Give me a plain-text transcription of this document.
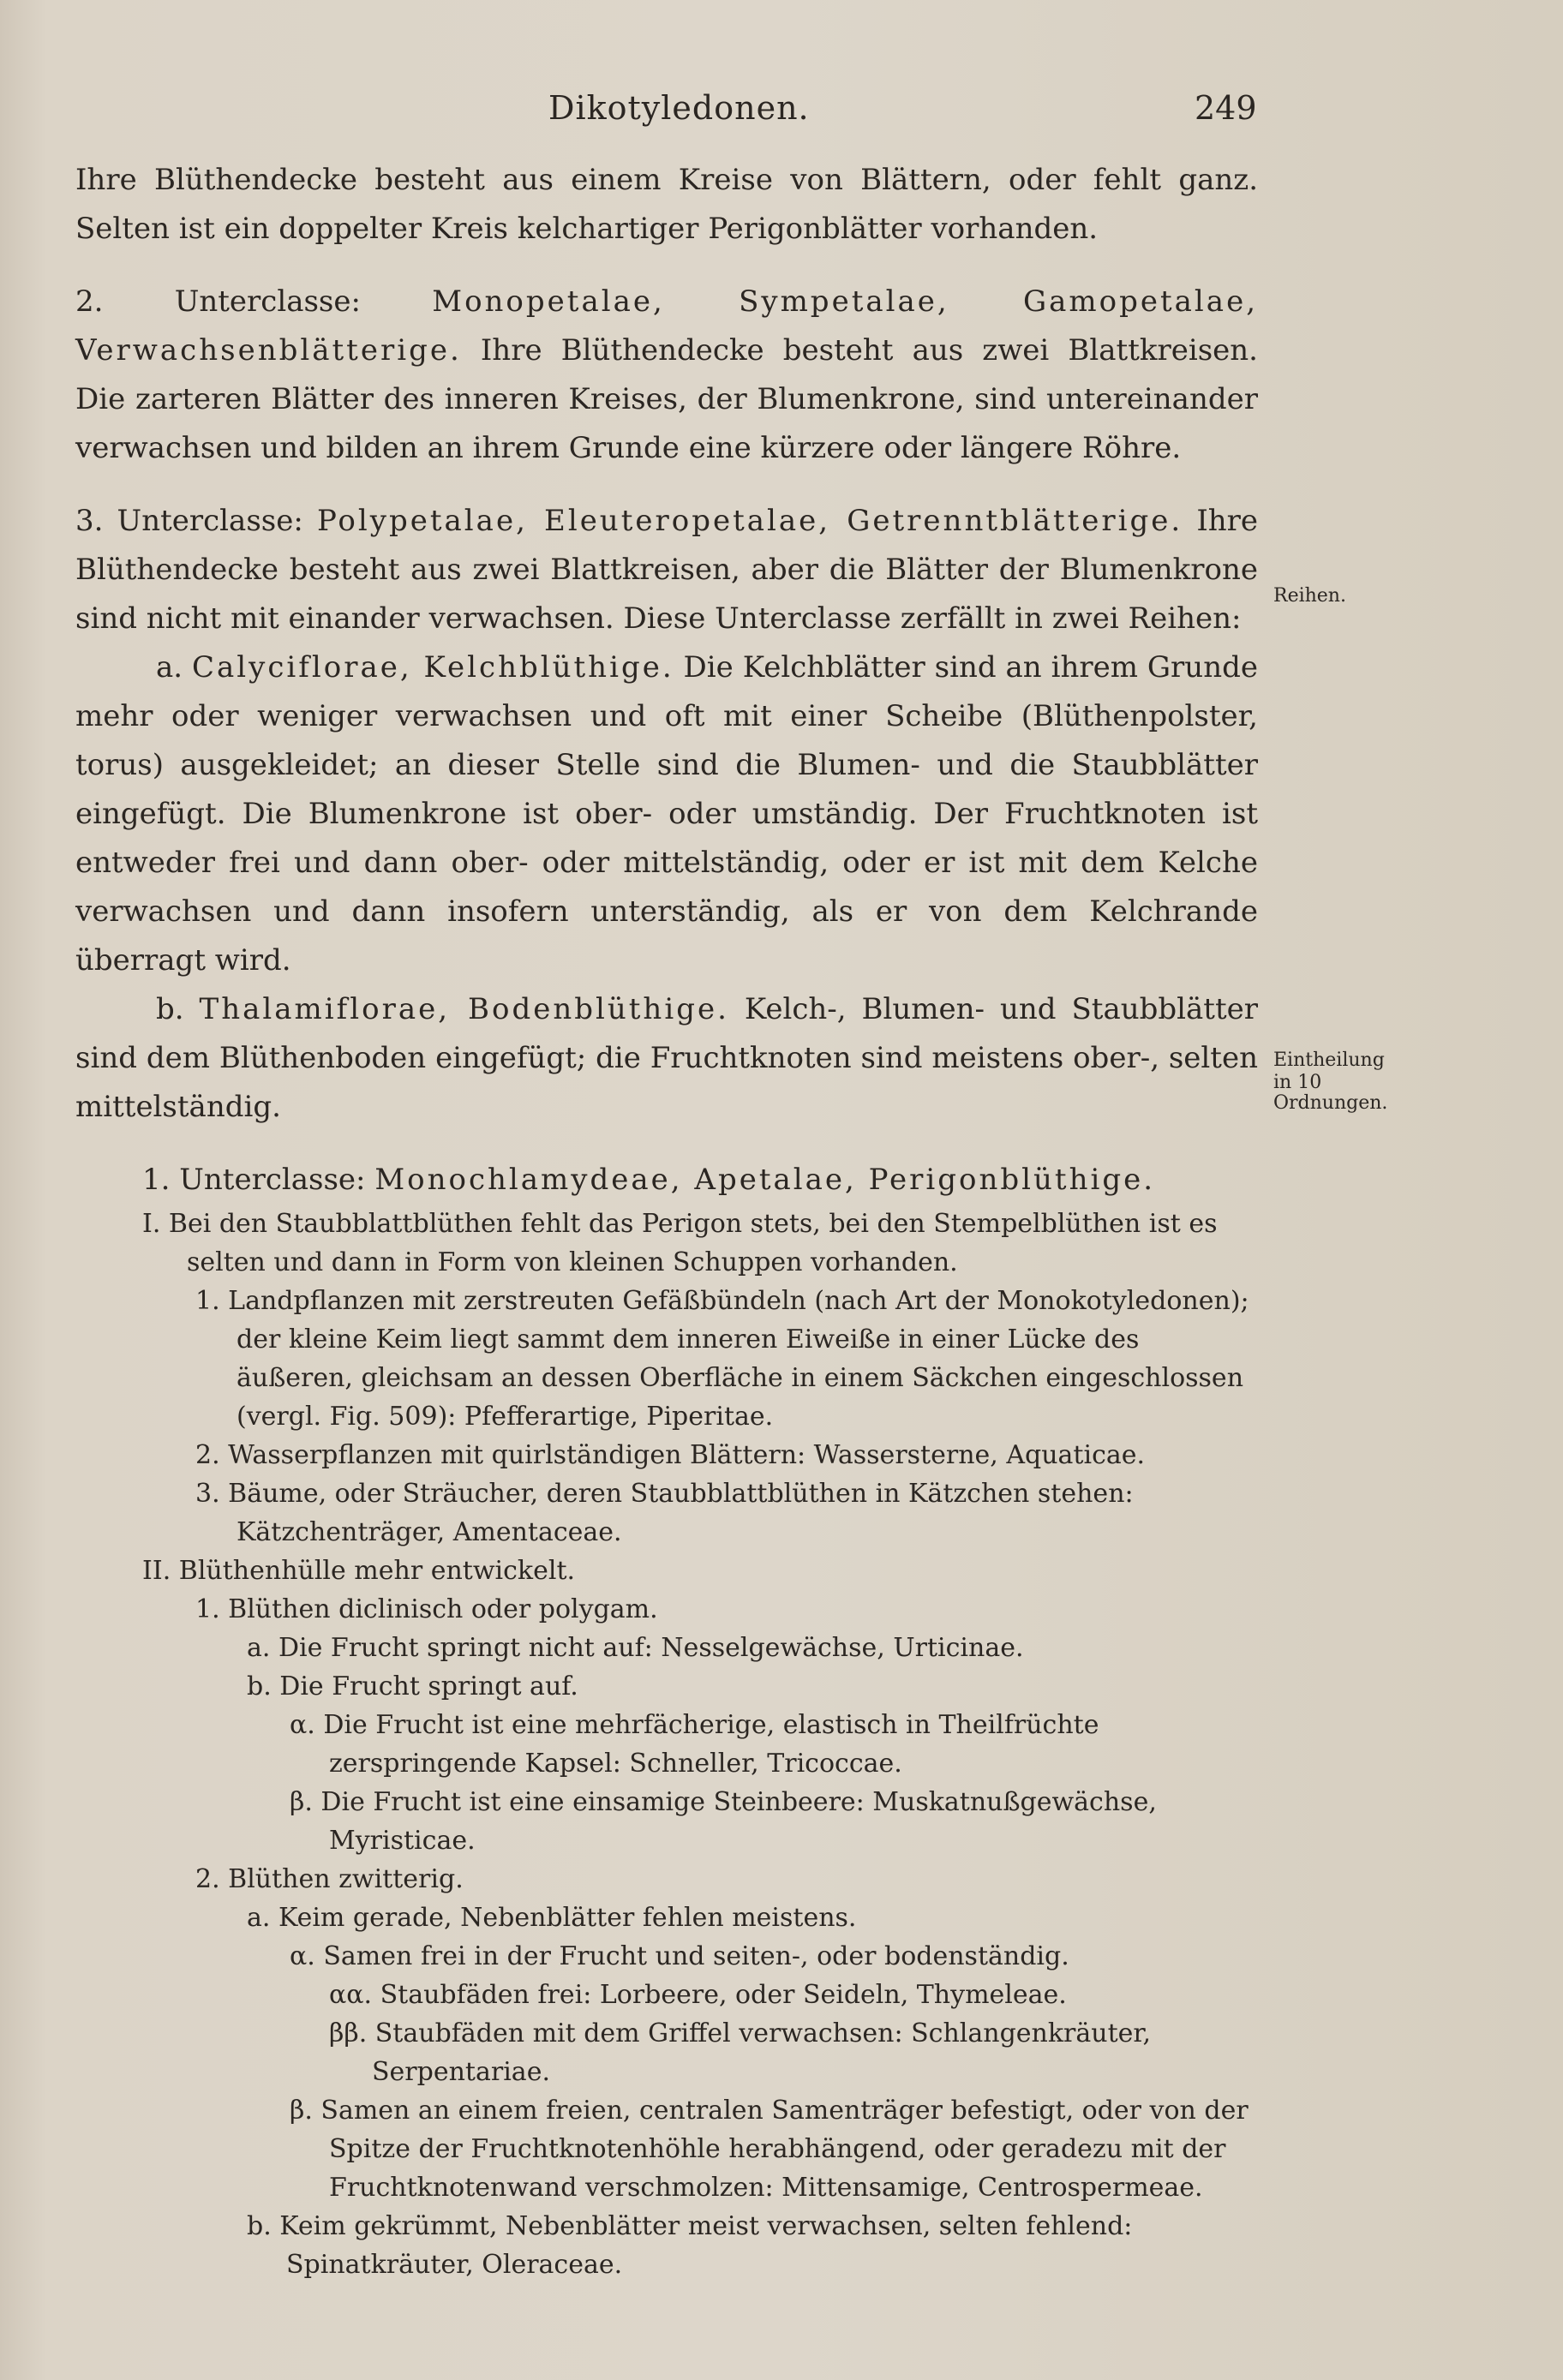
Dikotyledonen.	249

Ihre Blüthendecke besteht aus einem Kreise von Blättern, oder fehlt ganz. Selten ist ein doppelter Kreis kelchartiger Perigonblätter vorhanden.

2. Unterclasse: Monopetalae, Sympetalae, Gamopetalae, Verwachsenblätterige. Ihre Blüthendecke besteht aus zwei Blattkreisen. Die zarteren Blätter des inneren Kreises, der Blumenkrone, sind untereinander verwachsen und bilden an ihrem Grunde eine kürzere oder längere Röhre.

3. Unterclasse: Polypetalae, Eleuteropetalae, Getrenntblätterige. Ihre Blüthendecke besteht aus zwei Blattkreisen, aber die Blätter der Blumenkrone sind nicht mit einander verwachsen. Diese Unterclasse zerfällt in zwei Reihen:

a. Calyciflorae, Kelchblüthige. Die Kelchblätter sind an ihrem Grunde mehr oder weniger verwachsen und oft mit einer Scheibe (Blüthenpolster, torus) ausgekleidet; an dieser Stelle sind die Blumen- und die Staubblätter eingefügt. Die Blumenkrone ist ober- oder umständig. Der Fruchtknoten ist entweder frei und dann ober- oder mittelständig, oder er ist mit dem Kelche verwachsen und dann insofern unterständig, als er von dem Kelchrande überragt wird.

b. Thalamiflorae, Bodenblüthige. Kelch-, Blumen- und Staubblätter sind dem Blüthenboden eingefügt; die Fruchtknoten sind meistens ober-, selten mittelständig.

1. Unterclasse: Monochlamydeae, Apetalae, Perigonblüthige.

I. Bei den Staubblattblüthen fehlt das Perigon stets, bei den Stempelblüthen ist es selten und dann in Form von kleinen Schuppen vorhanden.
1. Landpflanzen mit zerstreuten Gefäßbündeln (nach Art der Monokotyledonen); der kleine Keim liegt sammt dem inneren Eiweiße in einer Lücke des äußeren, gleichsam an dessen Oberfläche in einem Säckchen eingeschlossen (vergl. Fig. 509): Pfefferartige, Piperitae.
2. Wasserpflanzen mit quirlständigen Blättern: Wassersterne, Aquaticae.
3. Bäume, oder Sträucher, deren Staubblattblüthen in Kätzchen stehen: Kätzchenträger, Amentaceae.
II. Blüthenhülle mehr entwickelt.
1. Blüthen diclinisch oder polygam.
a. Die Frucht springt nicht auf: Nesselgewächse, Urticinae.
b. Die Frucht springt auf.
α. Die Frucht ist eine mehrfächerige, elastisch in Theilfrüchte zerspringende Kapsel: Schneller, Tricoccae.
β. Die Frucht ist eine einsamige Steinbeere: Muskatnußgewächse, Myristicae.
2. Blüthen zwitterig.
a. Keim gerade, Nebenblätter fehlen meistens.
α. Samen frei in der Frucht und seiten-, oder bodenständig.
αα. Staubfäden frei: Lorbeere, oder Seideln, Thymeleae.
ββ. Staubfäden mit dem Griffel verwachsen: Schlangenkräuter, Serpentariae.
β. Samen an einem freien, centralen Samenträger befestigt, oder von der Spitze der Fruchtknotenhöhle herabhängend, oder geradezu mit der Fruchtknotenwand verschmolzen: Mittensamige, Centrospermeae.
b. Keim gekrümmt, Nebenblätter meist verwachsen, selten fehlend: Spinatkräuter, Oleraceae.
Reihen.
Eintheilung
in 10 Ordnungen.
